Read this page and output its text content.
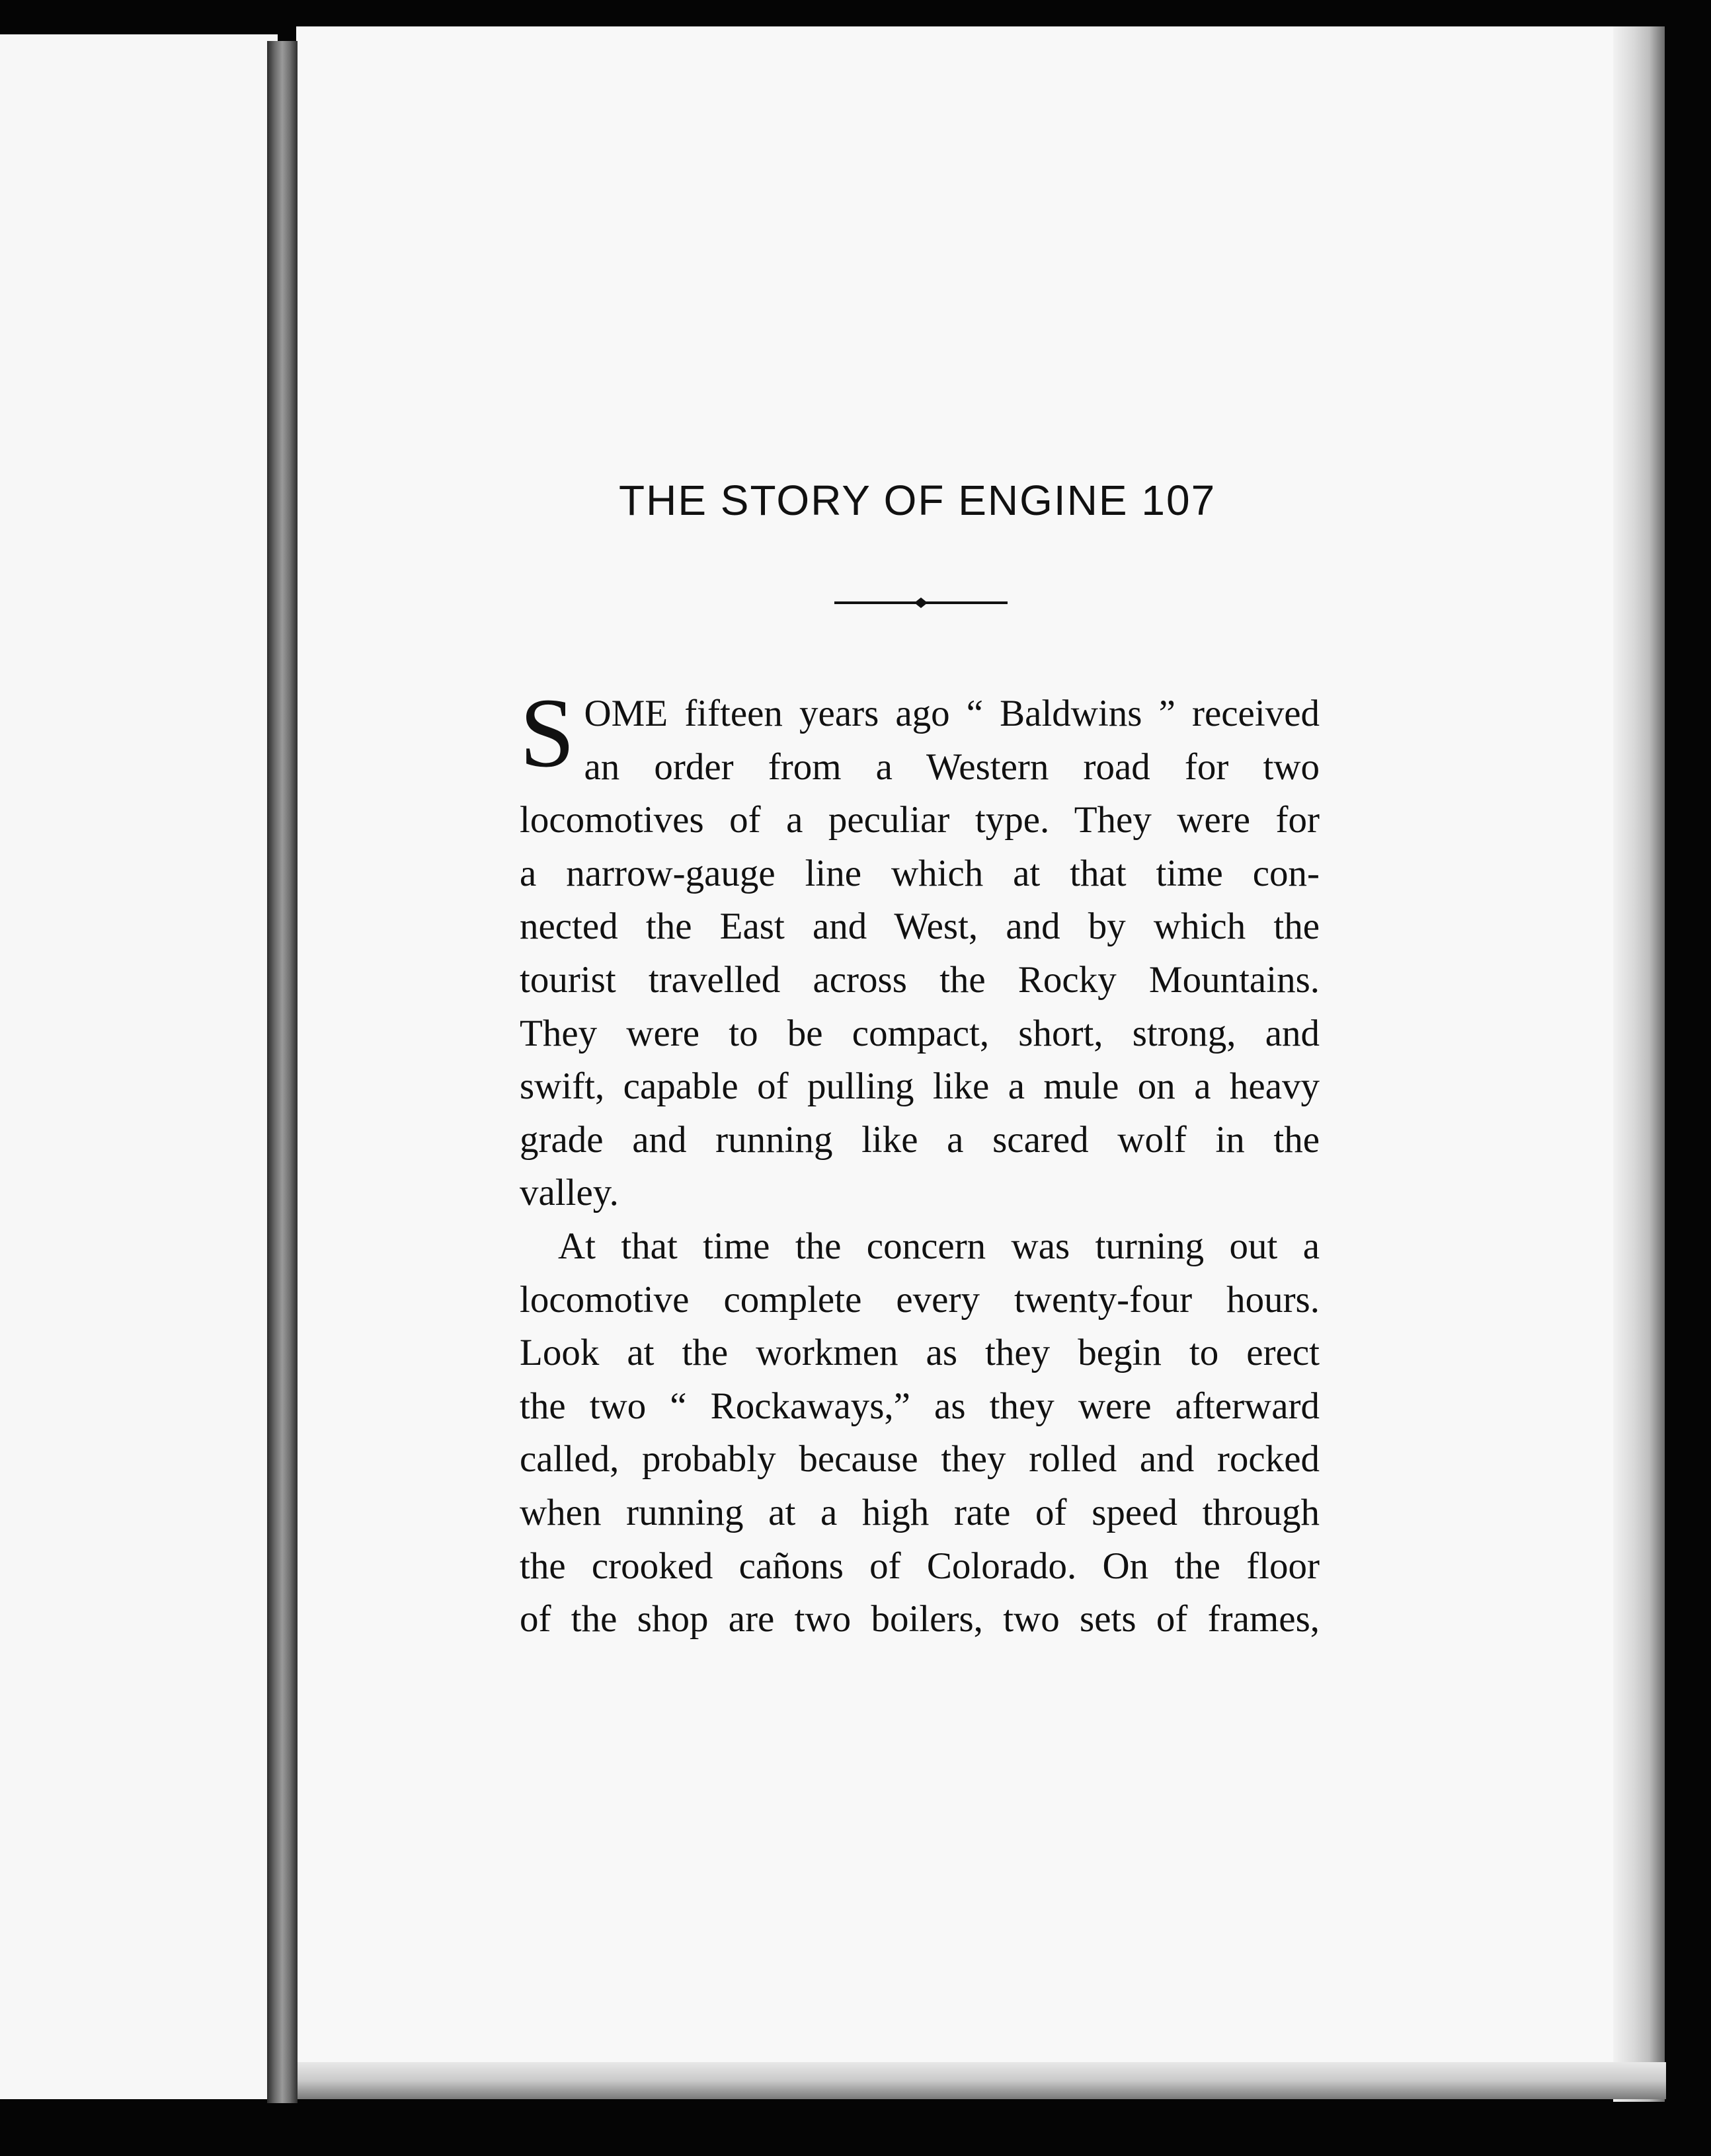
THE STORY OF ENGINE 107
S OME fifteen years ago “ Baldwins ” received
an order from a Western road for two
locomotives of a peculiar type. They were for
a narrow-gauge line which at that time con-
nected the East and West, and by which the
tourist travelled across the Rocky Mountains.
They were to be compact, short, strong, and
swift, capable of pulling like a mule on a heavy
grade and running like a scared wolf in the
valley.
At that time the concern was turning out a
locomotive complete every twenty-four hours.
Look at the workmen as they begin to erect
the two “ Rockaways,” as they were afterward
called, probably because they rolled and rocked
when running at a high rate of speed through
the crooked cañons of Colorado. On the floor
of the shop are two boilers, two sets of frames,
